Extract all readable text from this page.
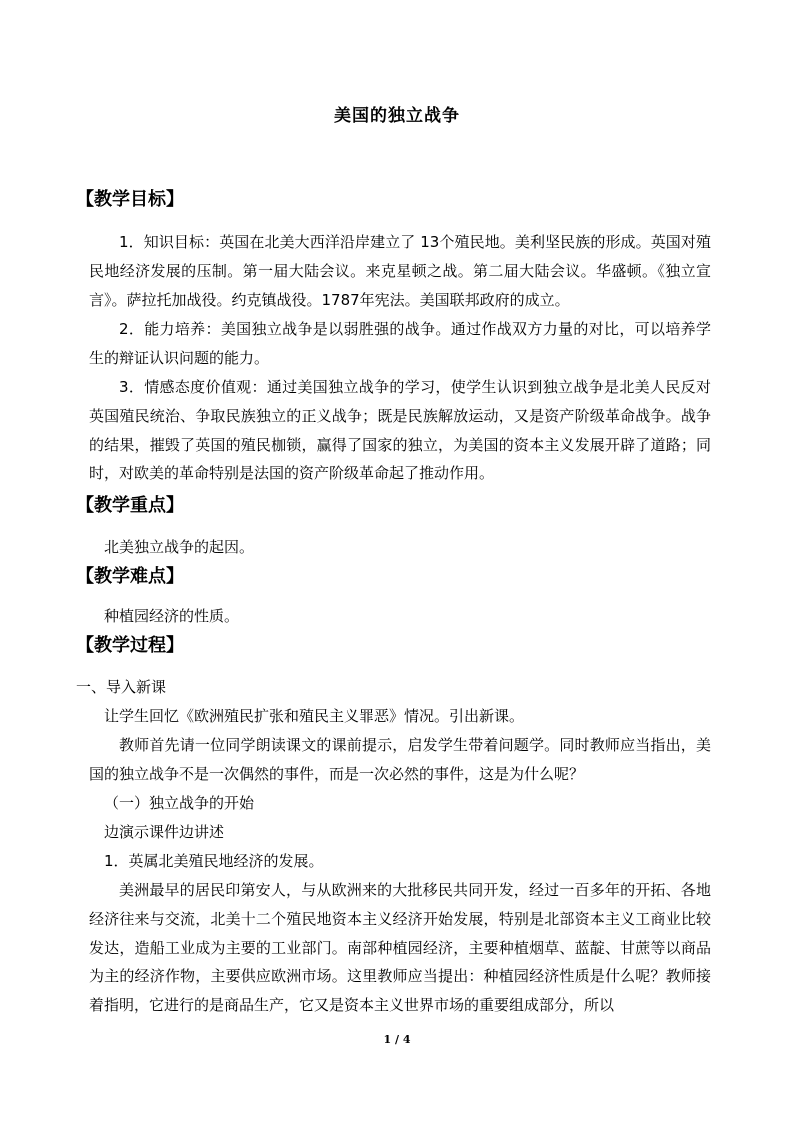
美国的独立战争
【教学目标】

1．知识目标：英国在北美大西洋沿岸建立了 13个殖民地。美利坚民族的形成。英国对殖民地经济发展的压制。第一届大陆会议。来克星顿之战。第二届大陆会议。华盛顿。《独立宣言》。萨拉托加战役。约克镇战役。1787年宪法。美国联邦政府的成立。

2．能力培养：美国独立战争是以弱胜强的战争。通过作战双方力量的对比，可以培养学生的辩证认识问题的能力。

3．情感态度价值观：通过美国独立战争的学习，使学生认识到独立战争是北美人民反对英国殖民统治、争取民族独立的正义战争；既是民族解放运动，又是资产阶级革命战争。战争的结果，摧毁了英国的殖民枷锁，赢得了国家的独立，为美国的资本主义发展开辟了道路；同时，对欧美的革命特别是法国的资产阶级革命起了推动作用。

【教学重点】
北美独立战争的起因。
【教学难点】
种植园经济的性质。
【教学过程】
一、导入新课
让学生回忆《欧洲殖民扩张和殖民主义罪恶》情况。引出新课。

教师首先请一位同学朗读课文的课前提示，启发学生带着问题学。同时教师应当指出，美国的独立战争不是一次偶然的事件，而是一次必然的事件，这是为什么呢？

（一）独立战争的开始
边演示课件边讲述
1．英属北美殖民地经济的发展。

美洲最早的居民印第安人，与从欧洲来的大批移民共同开发，经过一百多年的开拓、各地经济往来与交流，北美十二个殖民地资本主义经济开始发展，特别是北部资本主义工商业比较发达，造船工业成为主要的工业部门。南部种植园经济，主要种植烟草、蓝靛、甘蔗等以商品为主的经济作物，主要供应欧洲市场。这里教师应当提出：种植园经济性质是什么呢？教师接着指明，它进行的是商品生产，它又是资本主义世界市场的重要组成部分，所以

1 / 4
